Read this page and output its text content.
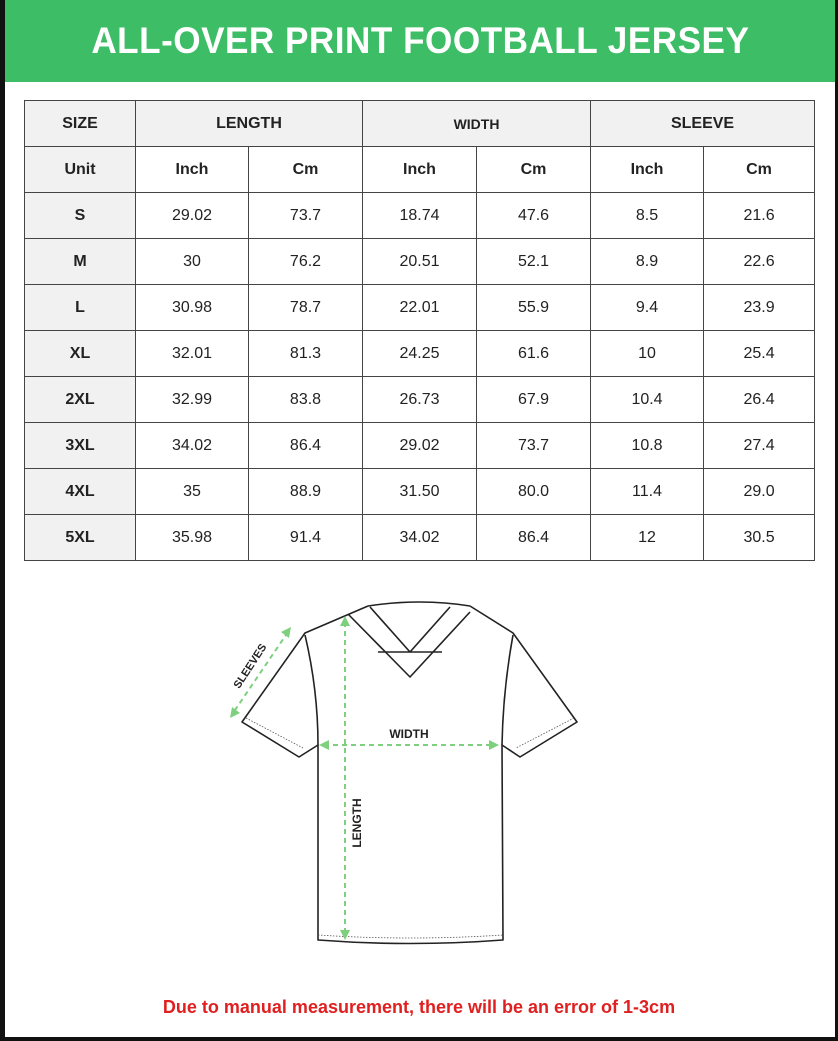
ALL-OVER PRINT FOOTBALL JERSEY
SIZE	LENGTH		WIDTH		SLEEVE	
Unit	Inch	Cm	Inch	Cm	Inch	Cm
S	29.02	73.7	18.74	47.6	8.5	21.6
M	30	76.2	20.51	52.1	8.9	22.6
L	30.98	78.7	22.01	55.9	9.4	23.9
XL	32.01	81.3	24.25	61.6	10	25.4
2XL	32.99	83.8	26.73	67.9	10.4	26.4
3XL	34.02	86.4	29.02	73.7	10.8	27.4
4XL	35	88.9	31.50	80.0	11.4	29.0
5XL	35.98	91.4	34.02	86.4	12	30.5
WIDTH
LENGTH
SLEEVES
Due to manual measurement, there will be an error of 1-3cm
